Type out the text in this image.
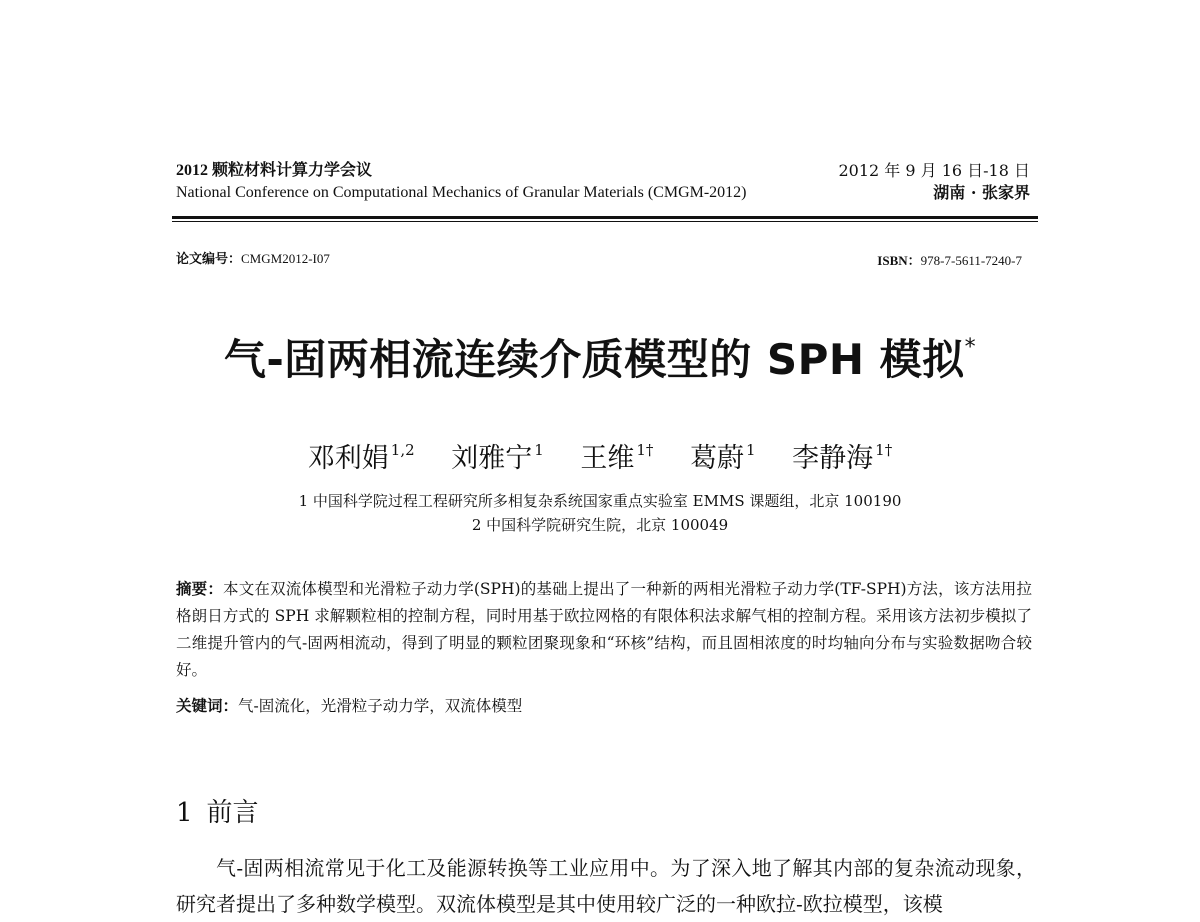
2012 颗粒材料计算力学会议
National Conference on Computational Mechanics of Granular Materials (CMGM-2012)
2012 年 9 月 16 日-18 日
湖南 · 张家界
论文编号：CMGM2012-I07	ISBN：978-7-5611-7240-7
气-固两相流连续介质模型的 SPH 模拟*
邓利娟 $^{1,2}$ 刘雅宁 $^1$ 王维 $^{1\dagger}$ 葛蔚 $^1$ 李静海 $^{1\dagger}$
1 中国科学院过程工程研究所多相复杂系统国家重点实验室 EMMS 课题组，北京 100190
2 中国科学院研究生院，北京 100049
摘要：本文在双流体模型和光滑粒子动力学(SPH)的基础上提出了一种新的两相光滑粒子动力学(TF-SPH)方法，该方法用拉格朗日方式的 SPH 求解颗粒相的控制方程，同时用基于欧拉网格的有限体积法求解气相的控制方程。采用该方法初步模拟了二维提升管内的气-固两相流动，得到了明显的颗粒团聚现象和“环核”结构，而且固相浓度的时均轴向分布与实验数据吻合较好。
关键词：气-固流化，光滑粒子动力学，双流体模型
1 前言
气-固两相流常见于化工及能源转换等工业应用中。为了深入地了解其内部的复杂流动现象，研究者提出了多种数学模型。双流体模型是其中使用较广泛的一种欧拉-欧拉模型，该模
